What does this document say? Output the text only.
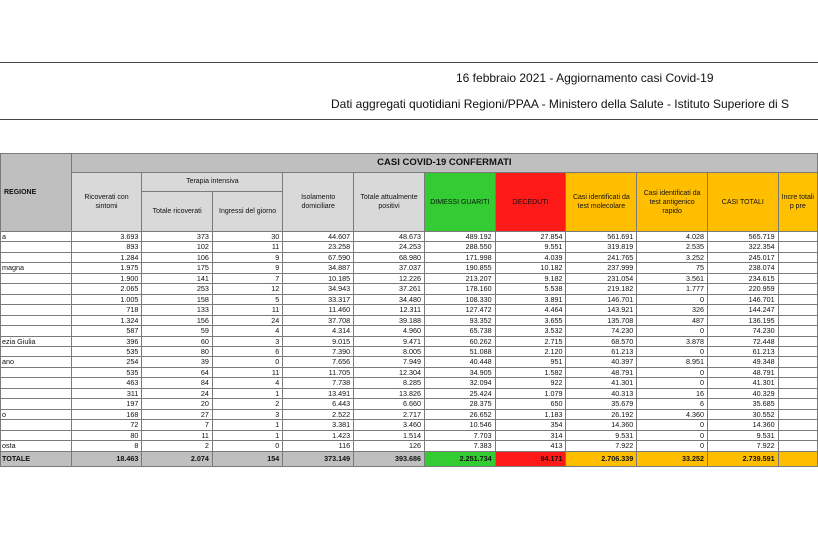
16 febbraio 2021 - Aggiornamento casi Covid-19
Dati aggregati quotidiani Regioni/PPAA - Ministero della Salute - Istituto Superiore di S
REGIONE	CASI COVID-19 CONFERMATI										
	Ricoverati con sintomi	Terapia intensiva		Isolamento domiciliare	Totale attualmente positivi	DIMESSI GUARITI	DECEDUTI	Casi identificati da test molecolare	Casi identificati da test antigenico rapido	CASI TOTALI	Incre totali p pre
		Totale ricoverati	Ingressi del giorno								
a	3.693	373	30	44.607	48.673	489.192	27.854	561.691	4.028	565.719	
	893	102	11	23.258	24.253	288.550	9.551	319.819	2.535	322.354	
	1.284	106	9	67.590	68.980	171.998	4.039	241.765	3.252	245.017	
magna	1.975	175	9	34.887	37.037	190.855	10.182	237.999	75	238.074	
	1.900	141	7	10.185	12.226	213.207	9.182	231.054	3.561	234.615	
	2.065	253	12	34.943	37.261	178.160	5.538	219.182	1.777	220.959	
	1.005	158	5	33.317	34.480	108.330	3.891	146.701	0	146.701	
	718	133	11	11.460	12.311	127.472	4.464	143.921	326	144.247	
	1.324	156	24	37.708	39.188	93.352	3.655	135.708	487	136.195	
	587	59	4	4.314	4.960	65.738	3.532	74.230	0	74.230	
ezia Giulia	396	60	3	9.015	9.471	60.262	2.715	68.570	3.878	72.448	
	535	80	6	7.390	8.005	51.088	2.120	61.213	0	61.213	
ano	254	39	0	7.656	7.949	40.448	951	40.397	8.951	49.348	
	535	64	11	11.705	12.304	34.905	1.582	48.791	0	48.791	
	463	84	4	7.738	8.285	32.094	922	41.301	0	41.301	
	311	24	1	13.491	13.826	25.424	1.079	40.313	16	40.329	
	197	20	2	6.443	6.660	28.375	650	35.679	6	35.685	
o	168	27	3	2.522	2.717	26.652	1.183	26.192	4.360	30.552	
	72	7	1	3.381	3.460	10.546	354	14.360	0	14.360	
	80	11	1	1.423	1.514	7.703	314	9.531	0	9.531	
osta	8	2	0	116	126	7.383	413	7.922	0	7.922	
TOTALE	18.463	2.074	154	373.149	393.686	2.251.734	94.171	2.706.339	33.252	2.739.591	
